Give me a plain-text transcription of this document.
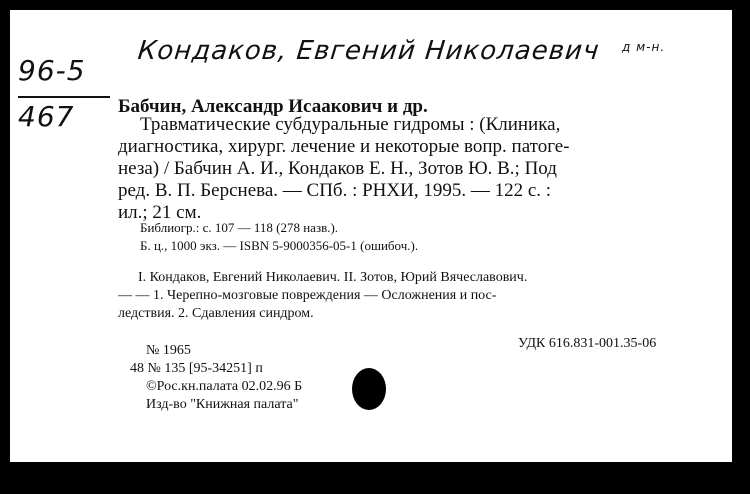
Кондаков, Евгений Николаевич д м-н.
96-5
467 Бабчин, Александр Исаакович и др.
Травматические субдуральные гидромы : (Клиника,
диагностика, хирург. лечение и некоторые вопр. патоге-
неза) / Бабчин А. И., Кондаков Е. Н., Зотов Ю. В.; Под
ред. В. П. Берснева. — СПб. : РНХИ, 1995. — 122 с. :
ил.; 21 см.
Библиогр.: с. 107 — 118 (278 назв.).
Б. ц., 1000 экз. — ISBN 5-9000356-05-1 (ошибоч.).
I. Кондаков, Евгений Николаевич. II. Зотов, Юрий Вячеславович.
— — 1. Черепно-мозговые повреждения — Осложнения и пос-
ледствия. 2. Сдавления синдром.
УДК 616.831-001.35-06
№ 1965
48 № 135 [95-34251] п
©Рос.кн.палата 02.02.96 Б
Изд-во "Книжная палата"
